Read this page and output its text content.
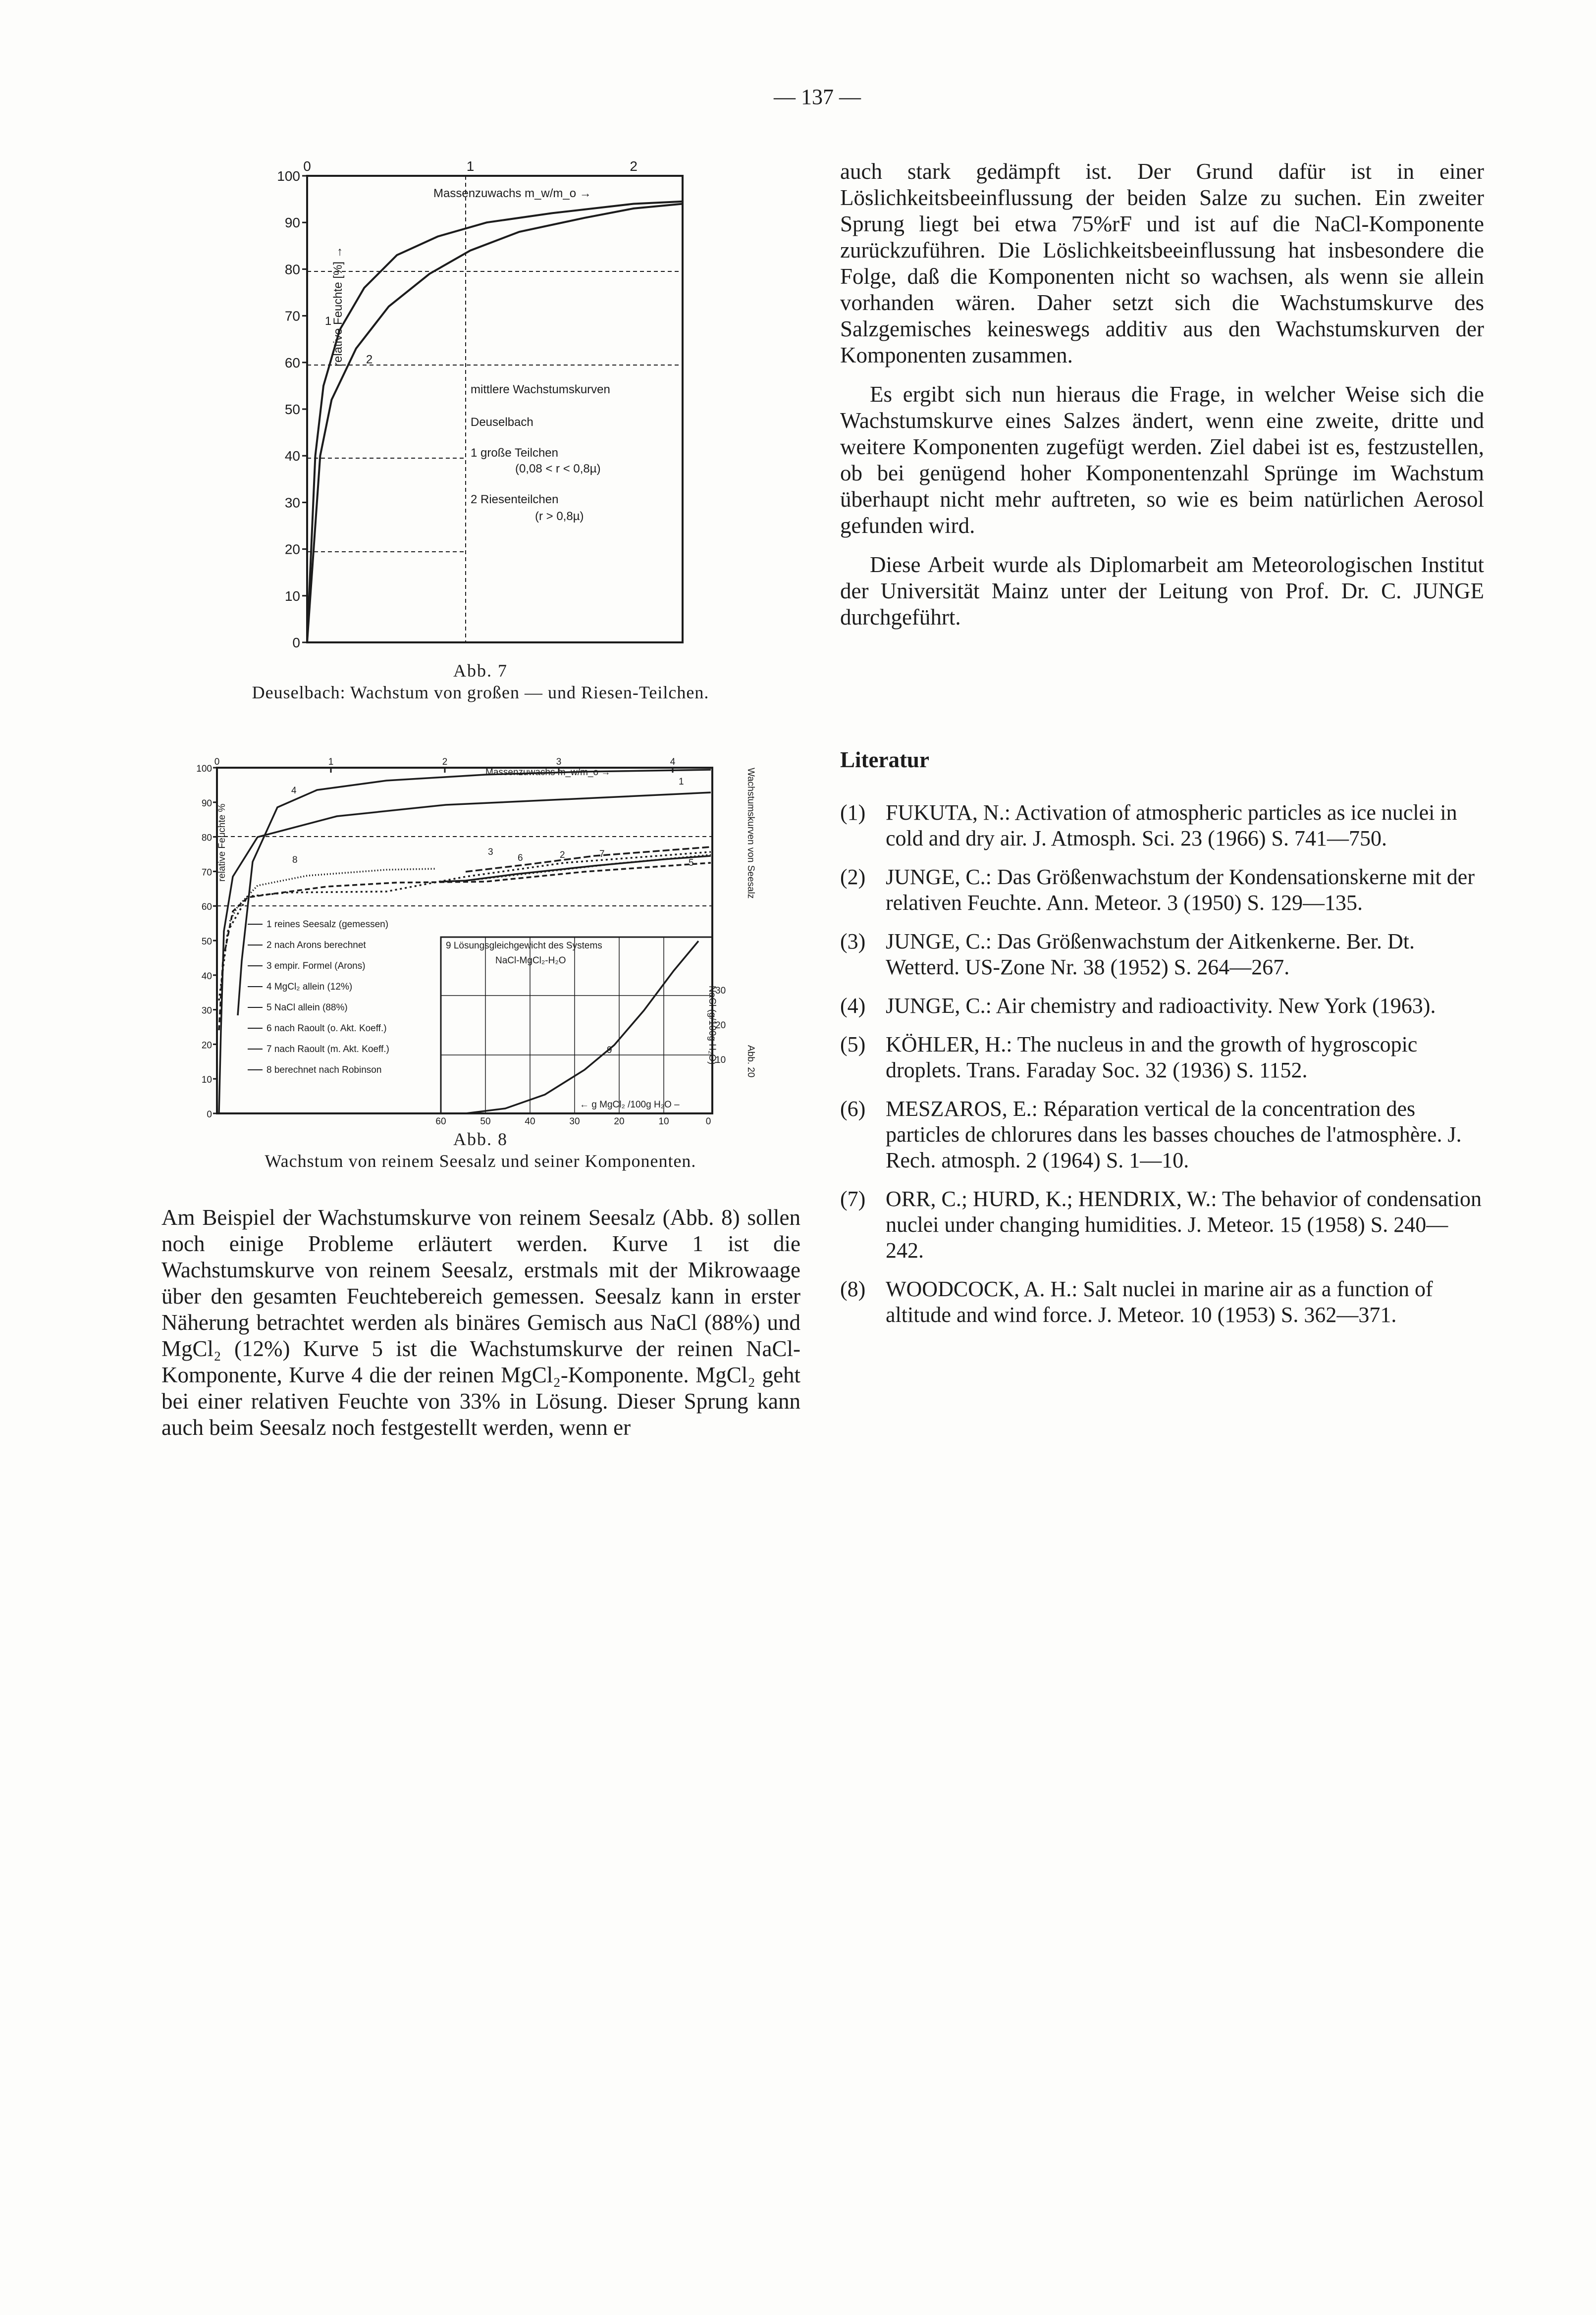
— 137 —
0
10
20
30
40
50
60
70
80
90
100
0	1	2
Massenzuwachs m_w/m_o →
relative Feuchte [%] →
mittlere Wachstumskurven
Deuselbach
1 große Teilchen
(0,08 < r < 0,8µ)
2 Riesenteilchen
(r > 0,8µ)
1
2
Abb. 7
Deuselbach: Wachstum von großen — und Riesen-Teilchen.
0
10
20
30
40
50
60
70
80
90
100
0	1	2	3	4
9 Lösungsgleichgewicht des Systems
NaCl-MgCl₂-H₂O
60	50	40	30	20	10	0
30
20
10
← g MgCl₂ /100g H₂O –
NaCl (g/100g H₂O)
1
2
3
4
5
6	7
8
9
Massenzuwachs m_w/m_o →
relative Feuchte %	Wachstumskurven von Seesalz
Abb. 20
1 reines Seesalz (gemessen)
2 nach Arons berechnet
3 empir. Formel (Arons)
4 MgCl₂ allein (12%)
5 NaCl allein (88%)
6 nach Raoult (o. Akt. Koeff.)
7 nach Raoult (m. Akt. Koeff.)
8 berechnet nach Robinson
Abb. 8
Wachstum von reinem Seesalz und seiner Komponenten.

Am Beispiel der Wachstumskurve von reinem Seesalz (Abb. 8) sollen noch einige Probleme erläutert werden. Kurve 1 ist die Wachstumskurve von reinem Seesalz, erstmals mit der Mikrowaage über den gesamten Feuchtebereich gemessen. Seesalz kann in erster Näherung betrachtet werden als binäres Gemisch aus NaCl (88%) und MgCl₂ (12%) Kurve 5 ist die Wachstumskurve der reinen NaCl-Komponente, Kurve 4 die der reinen MgCl₂-Komponente. MgCl₂ geht bei einer relativen Feuchte von 33% in Lösung. Dieser Sprung kann auch beim Seesalz noch festgestellt werden, wenn er

auch stark gedämpft ist. Der Grund dafür ist in einer Löslichkeitsbeeinflussung der beiden Salze zu suchen. Ein zweiter Sprung liegt bei etwa 75%rF und ist auf die NaCl-Komponente zurückzuführen. Die Löslichkeitsbeeinflussung hat insbesondere die Folge, daß die Komponenten nicht so wachsen, als wenn sie allein vorhanden wären. Daher setzt sich die Wachstumskurve des Salzgemisches keineswegs additiv aus den Wachstumskurven der Komponenten zusammen.

Es ergibt sich nun hieraus die Frage, in welcher Weise sich die Wachstumskurve eines Salzes ändert, wenn eine zweite, dritte und weitere Komponenten zugefügt werden. Ziel dabei ist es, festzustellen, ob bei genügend hoher Komponentenzahl Sprünge im Wachstum überhaupt nicht mehr auftreten, so wie es beim natürlichen Aerosol gefunden wird.

Diese Arbeit wurde als Diplomarbeit am Meteorologischen Institut der Universität Mainz unter der Leitung von Prof. Dr. C. JUNGE durchgeführt.

Literatur
(1) FUKUTA, N.: Activation of atmospheric particles as ice nuclei in cold and dry air. J. Atmosph. Sci. 23 (1966) S. 741—750.
(2) JUNGE, C.: Das Größenwachstum der Kondensationskerne mit der relativen Feuchte. Ann. Meteor. 3 (1950) S. 129—135.
(3) JUNGE, C.: Das Größenwachstum der Aitkenkerne. Ber. Dt. Wetterd. US-Zone Nr. 38 (1952) S. 264—267.
(4) JUNGE, C.: Air chemistry and radioactivity. New York (1963).
(5) KÖHLER, H.: The nucleus in and the growth of hygroscopic droplets. Trans. Faraday Soc. 32 (1936) S. 1152.
(6) MESZAROS, E.: Réparation vertical de la concentration des particles de chlorures dans les basses chouches de l'atmosphère. J. Rech. atmosph. 2 (1964) S. 1—10.
(7) ORR, C.; HURD, K.; HENDRIX, W.: The behavior of condensation nuclei under changing humidities. J. Meteor. 15 (1958) S. 240—242.
(8) WOODCOCK, A. H.: Salt nuclei in marine air as a function of altitude and wind force. J. Meteor. 10 (1953) S. 362—371.
